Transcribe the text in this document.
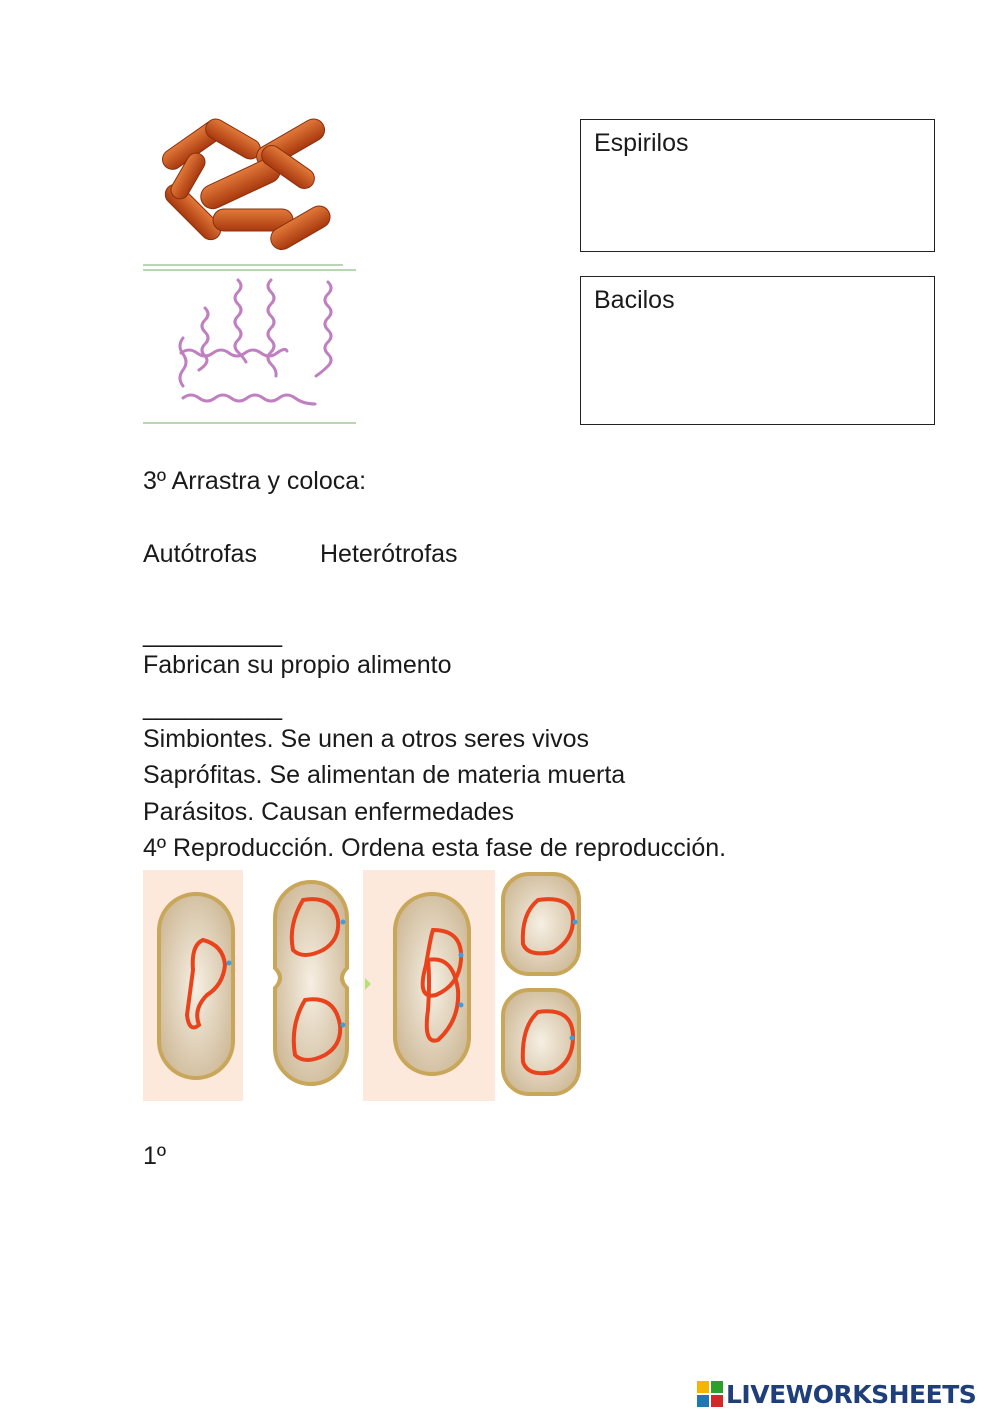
Espirilos
Bacilos
3º Arrastra y coloca:
Autótrofas	Heterótrofas
__________
Fabrican su propio alimento
__________
Simbiontes. Se unen a otros seres vivos
Saprófitas. Se alimentan de materia muerta
Parásitos. Causan enfermedades
4º Reproducción. Ordena esta fase de reproducción.
1º
LIVEWORKSHEETS
